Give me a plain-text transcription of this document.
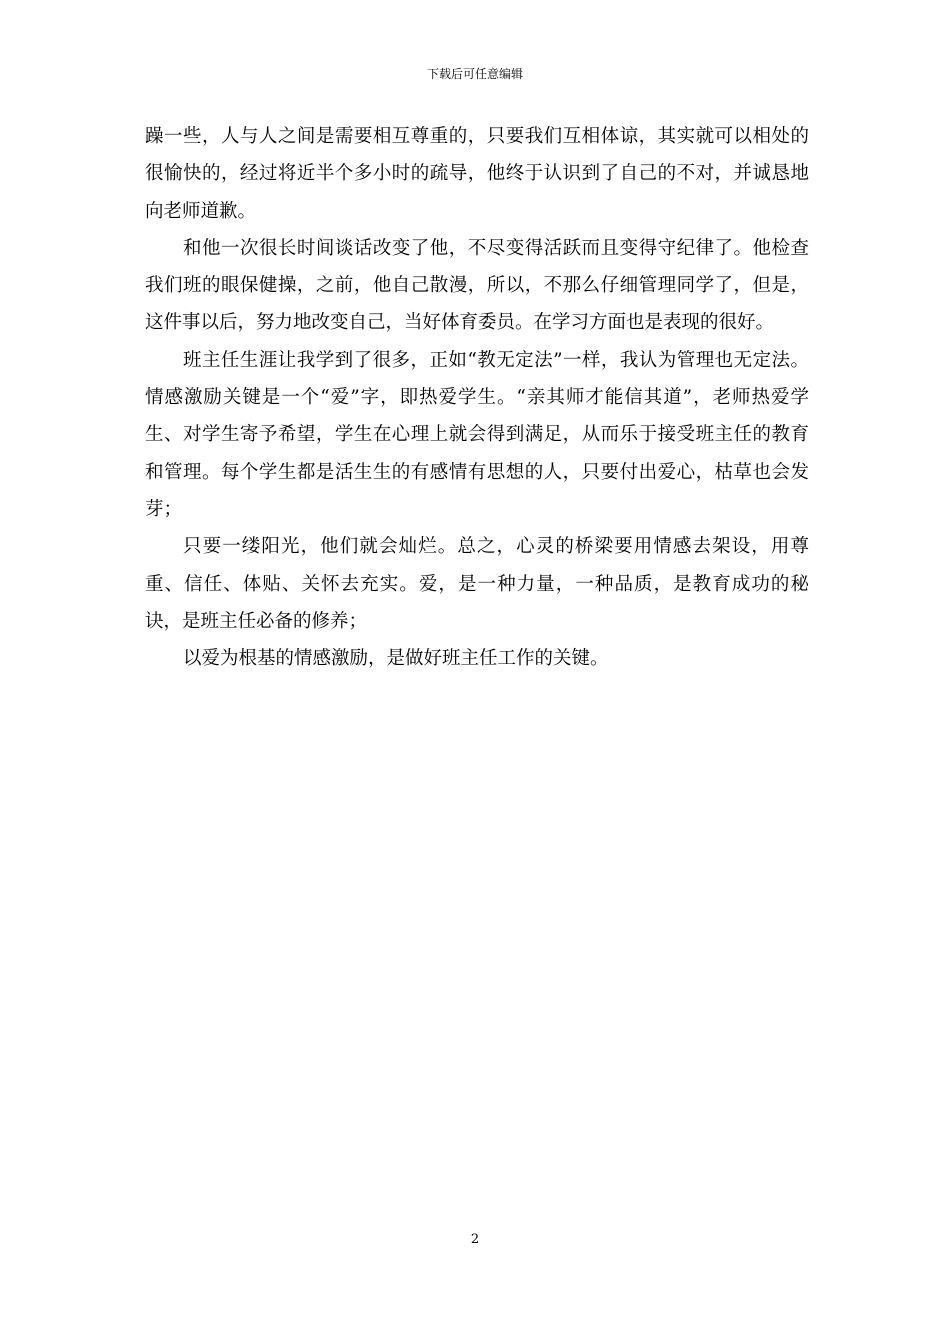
下载后可任意编辑

躁一些，人与人之间是需要相互尊重的，只要我们互相体谅，其实就可以相处的很愉快的，经过将近半个多小时的疏导，他终于认识到了自己的不对，并诚恳地向老师道歉。

和他一次很长时间谈话改变了他，不尽变得活跃而且变得守纪律了。他检查我们班的眼保健操，之前，他自己散漫，所以，不那么仔细管理同学了，但是，这件事以后，努力地改变自己，当好体育委员。在学习方面也是表现的很好。

班主任生涯让我学到了很多，正如“教无定法”一样，我认为管理也无定法。情感激励关键是一个“爱”字，即热爱学生。“亲其师才能信其道”，老师热爱学生、对学生寄予希望，学生在心理上就会得到满足，从而乐于接受班主任的教育和管理。每个学生都是活生生的有感情有思想的人，只要付出爱心，枯草也会发芽；

只要一缕阳光，他们就会灿烂。总之，心灵的桥梁要用情感去架设，用尊重、信任、体贴、关怀去充实。爱，是一种力量，一种品质，是教育成功的秘诀，是班主任必备的修养；

以爱为根基的情感激励，是做好班主任工作的关键。

2
